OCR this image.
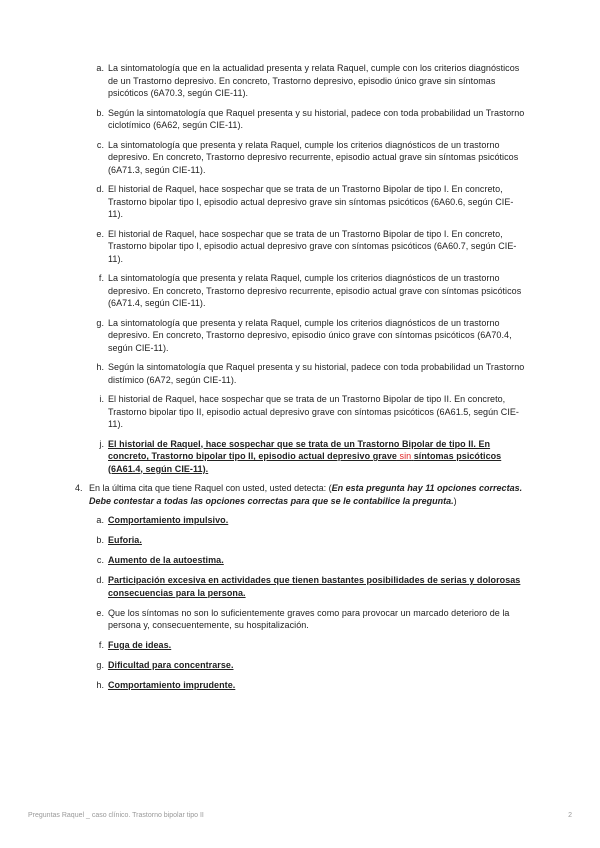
a. La sintomatología que en la actualidad presenta y relata Raquel, cumple con los criterios diagnósticos de un Trastorno depresivo. En concreto, Trastorno depresivo, episodio único grave sin síntomas psicóticos (6A70.3, según CIE-11).
b. Según la sintomatología que Raquel presenta y su historial, padece con toda probabilidad un Trastorno ciclotímico (6A62, según CIE-11).
c. La sintomatología que presenta y relata Raquel, cumple los criterios diagnósticos de un trastorno depresivo. En concreto, Trastorno depresivo recurrente, episodio actual grave sin síntomas psicóticos (6A71.3, según CIE-11).
d. El historial de Raquel, hace sospechar que se trata de un Trastorno Bipolar de tipo I. En concreto, Trastorno bipolar tipo I, episodio actual depresivo grave sin síntomas psicóticos (6A60.6, según CIE-11).
e. El historial de Raquel, hace sospechar que se trata de un Trastorno Bipolar de tipo I. En concreto, Trastorno bipolar tipo I, episodio actual depresivo grave con síntomas psicóticos (6A60.7, según CIE-11).
f. La sintomatología que presenta y relata Raquel, cumple los criterios diagnósticos de un trastorno depresivo. En concreto, Trastorno depresivo recurrente, episodio actual grave con síntomas psicóticos (6A71.4, según CIE-11).
g. La sintomatología que presenta y relata Raquel, cumple los criterios diagnósticos de un trastorno depresivo. En concreto, Trastorno depresivo, episodio único grave con síntomas psicóticos (6A70.4, según CIE-11).
h. Según la sintomatología que Raquel presenta y su historial, padece con toda probabilidad un Trastorno distímico (6A72, según CIE-11).
i. El historial de Raquel, hace sospechar que se trata de un Trastorno Bipolar de tipo II. En concreto, Trastorno bipolar tipo II, episodio actual depresivo grave con síntomas psicóticos (6A61.5, según CIE-11).
j. El historial de Raquel, hace sospechar que se trata de un Trastorno Bipolar de tipo II. En concreto, Trastorno bipolar tipo II, episodio actual depresivo grave sin síntomas psicóticos (6A61.4, según CIE-11).
4. En la última cita que tiene Raquel con usted, usted detecta: (En esta pregunta hay 11 opciones correctas. Debe contestar a todas las opciones correctas para que se le contabilice la pregunta.)
a. Comportamiento impulsivo.
b. Euforia.
c. Aumento de la autoestima.
d. Participación excesiva en actividades que tienen bastantes posibilidades de serias y dolorosas consecuencias para la persona.
e. Que los síntomas no son lo suficientemente graves como para provocar un marcado deterioro de la persona y, consecuentemente, su hospitalización.
f. Fuga de ideas.
g. Dificultad para concentrarse.
h. Comportamiento imprudente.
Preguntas Raquel _ caso clínico. Trastorno bipolar tipo II	2
